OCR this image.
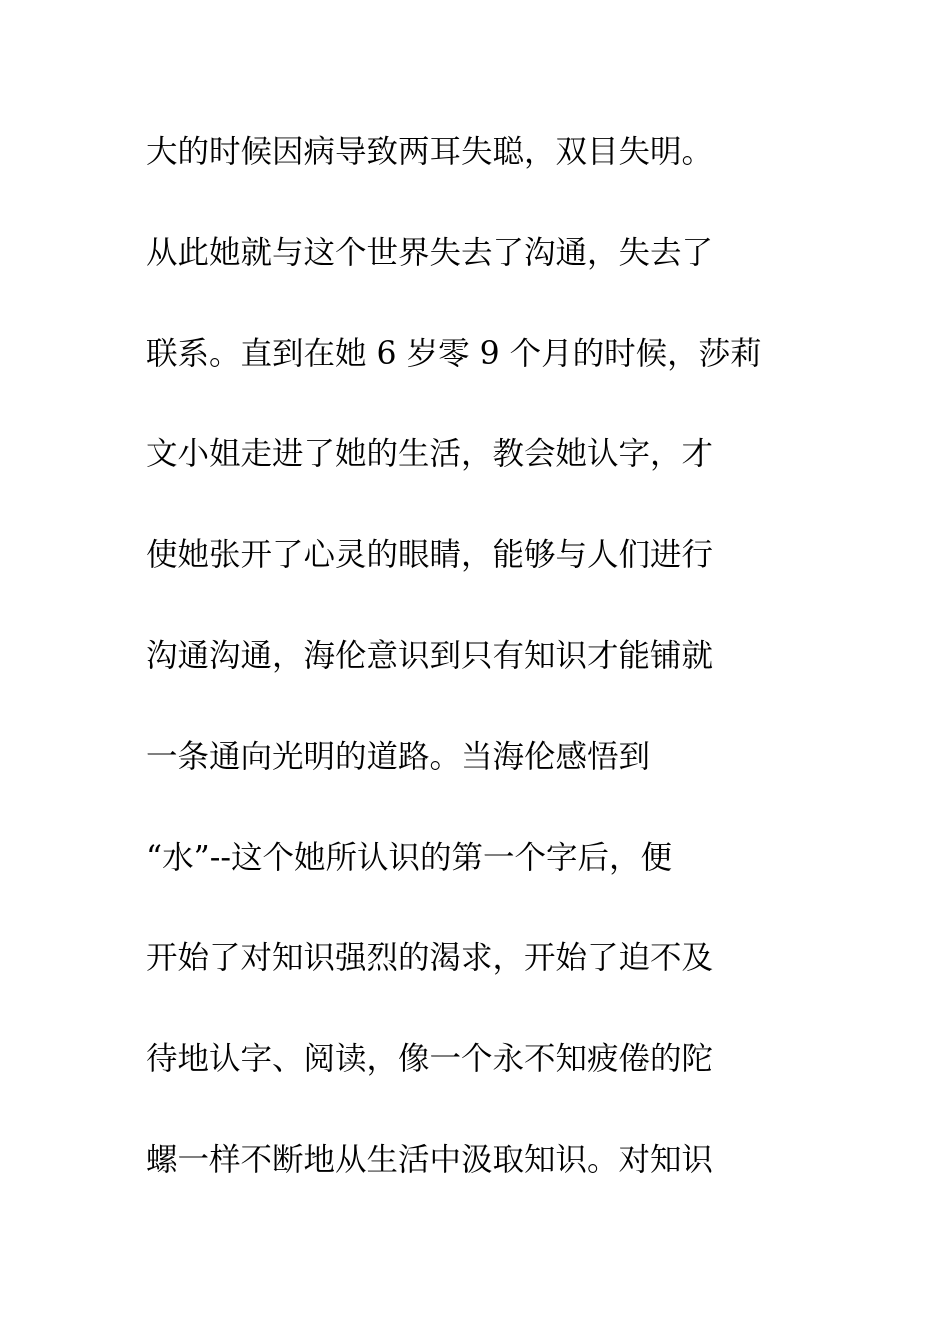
大的时候因病导致两耳失聪，双目失明。
从此她就与这个世界失去了沟通，失去了
联系。直到在她 6 岁零 9 个月的时候，莎莉
文小姐走进了她的生活，教会她认字，才
使她张开了心灵的眼睛，能够与人们进行
沟通沟通，海伦意识到只有知识才能铺就
一条通向光明的道路。当海伦感悟到
“水”--这个她所认识的第一个字后，便
开始了对知识强烈的渴求，开始了迫不及
待地认字、阅读，像一个永不知疲倦的陀
螺一样不断地从生活中汲取知识。对知识
